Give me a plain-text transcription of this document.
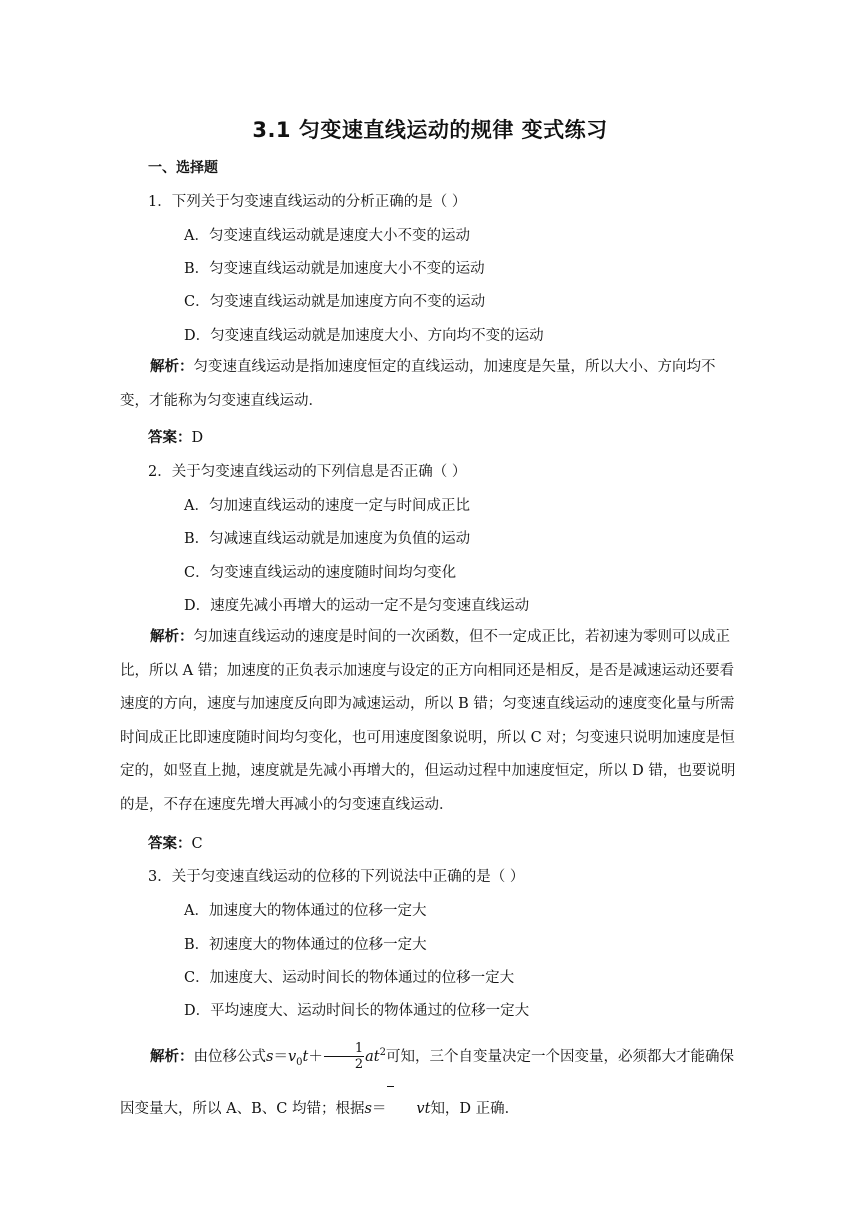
3.1 匀变速直线运动的规律 变式练习
一、选择题
1．下列关于匀变速直线运动的分析正确的是（ ）
A．匀变速直线运动就是速度大小不变的运动
B．匀变速直线运动就是加速度大小不变的运动
C．匀变速直线运动就是加速度方向不变的运动
D．匀变速直线运动就是加速度大小、方向均不变的运动
解析：匀变速直线运动是指加速度恒定的直线运动，加速度是矢量，所以大小、方向均不变，才能称为匀变速直线运动．
答案：D
2．关于匀变速直线运动的下列信息是否正确（ ）
A．匀加速直线运动的速度一定与时间成正比
B．匀减速直线运动就是加速度为负值的运动
C．匀变速直线运动的速度随时间均匀变化
D．速度先减小再增大的运动一定不是匀变速直线运动
解析：匀加速直线运动的速度是时间的一次函数，但不一定成正比，若初速为零则可以成正比，所以 A 错；加速度的正负表示加速度与设定的正方向相同还是相反，是否是减速运动还要看速度的方向，速度与加速度反向即为减速运动，所以 B 错；匀变速直线运动的速度变化量与所需时间成正比即速度随时间均匀变化，也可用速度图象说明，所以 C 对；匀变速只说明加速度是恒定的，如竖直上抛，速度就是先减小再增大的，但运动过程中加速度恒定，所以 D 错，也要说明的是，不存在速度先增大再减小的匀变速直线运动．
答案：C
3．关于匀变速直线运动的位移的下列说法中正确的是（ ）
A．加速度大的物体通过的位移一定大
B．初速度大的物体通过的位移一定大
C．加速度大、运动时间长的物体通过的位移一定大
D．平均速度大、运动时间长的物体通过的位移一定大
解析：由位移公式$s=v_0t+ \frac{1}{2} at^2$可知，三个自变量决定一个因变量，必须都大才能确保因变量大，所以 A、B、C 均错；根据s＝ vt知，D 正确．
